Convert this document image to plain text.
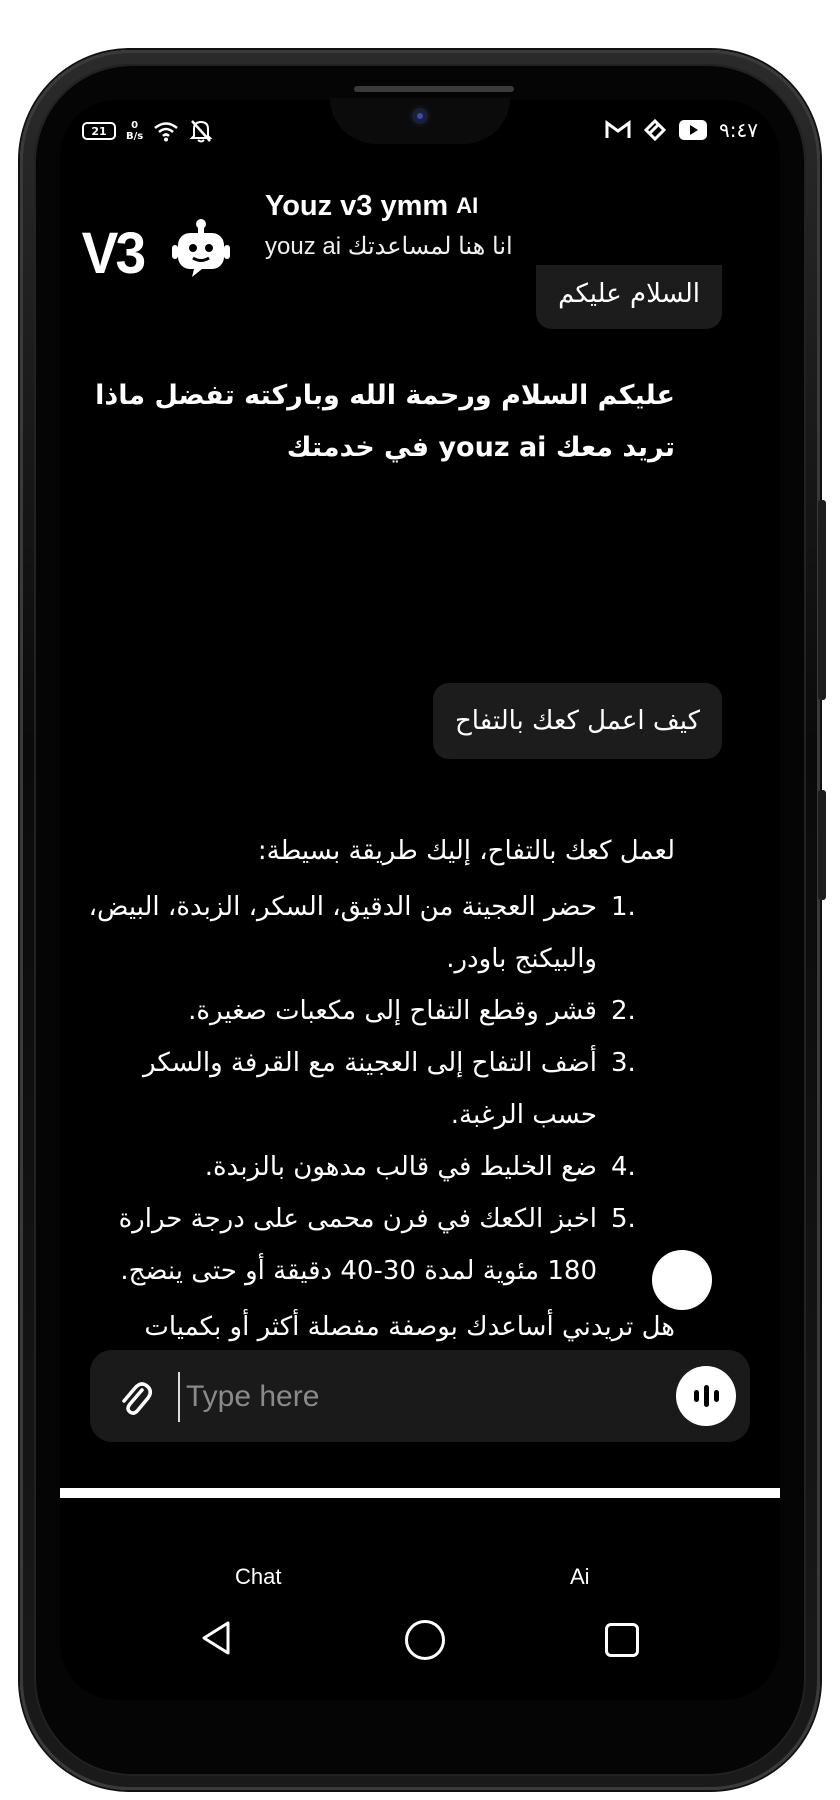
21	0
B/s	٩:٤٧
V3
Youz v3 ymm AI
youz ai انا هنا لمساعدتك
السلام عليكم
عليكم السلام ورحمة الله وباركته تفضل ماذا تريد معك youz ai في خدمتك
كيف اعمل كعك بالتفاح
لعمل كعك بالتفاح، إليك طريقة بسيطة:
1.
حضر العجينة من الدقيق، السكر، الزبدة، البيض، والبيكنج باودر.
2.
قشر وقطع التفاح إلى مكعبات صغيرة.
3.
أضف التفاح إلى العجينة مع القرفة والسكر حسب الرغبة.
4.
ضع الخليط في قالب مدهون بالزبدة.
5.
اخبز الكعك في فرن محمى على درجة حرارة 180 مئوية لمدة 30-40 دقيقة أو حتى ينضج.
هل تريدني أساعدك بوصفة مفصلة أكثر أو بكميات
Type here
Chat	Ai
